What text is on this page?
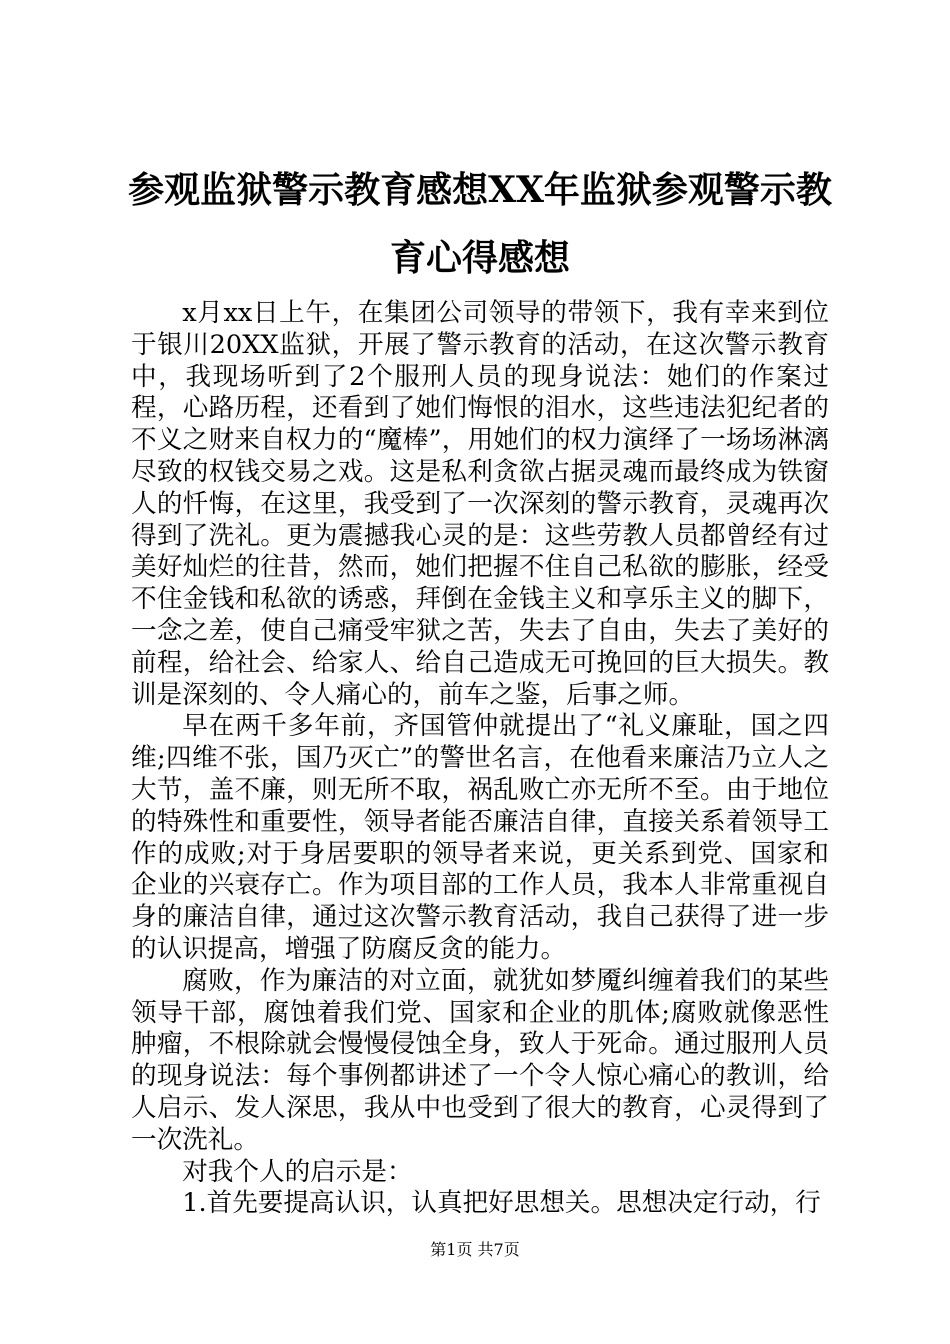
参观监狱警示教育感想XX年监狱参观警示教育心得感想

x月xx日上午，在集团公司领导的带领下，我有幸来到位于银川20XX监狱，开展了警示教育的活动，在这次警示教育中，我现场听到了2个服刑人员的现身说法：她们的作案过程，心路历程，还看到了她们悔恨的泪水，这些违法犯纪者的不义之财来自权力的“魔棒”，用她们的权力演绎了一场场淋漓尽致的权钱交易之戏。这是私利贪欲占据灵魂而最终成为铁窗人的忏悔，在这里，我受到了一次深刻的警示教育，灵魂再次得到了洗礼。更为震撼我心灵的是：这些劳教人员都曾经有过美好灿烂的往昔，然而，她们把握不住自己私欲的膨胀，经受不住金钱和私欲的诱惑，拜倒在金钱主义和享乐主义的脚下，一念之差，使自己痛受牢狱之苦，失去了自由，失去了美好的前程，给社会、给家人、给自己造成无可挽回的巨大损失。教训是深刻的、令人痛心的，前车之鉴，后事之师。

早在两千多年前，齐国管仲就提出了“礼义廉耻，国之四维;四维不张，国乃灭亡”的警世名言，在他看来廉洁乃立人之大节，盖不廉，则无所不取，祸乱败亡亦无所不至。由于地位的特殊性和重要性，领导者能否廉洁自律，直接关系着领导工作的成败;对于身居要职的领导者来说，更关系到党、国家和企业的兴衰存亡。作为项目部的工作人员，我本人非常重视自身的廉洁自律，通过这次警示教育活动，我自己获得了进一步的认识提高，增强了防腐反贪的能力。

腐败，作为廉洁的对立面，就犹如梦魇纠缠着我们的某些领导干部，腐蚀着我们党、国家和企业的肌体;腐败就像恶性肿瘤，不根除就会慢慢侵蚀全身，致人于死命。通过服刑人员的现身说法：每个事例都讲述了一个令人惊心痛心的教训，给人启示、发人深思，我从中也受到了很大的教育，心灵得到了一次洗礼。

对我个人的启示是：

1.首先要提高认识，认真把好思想关。思想决定行动，行

第1页 共7页
